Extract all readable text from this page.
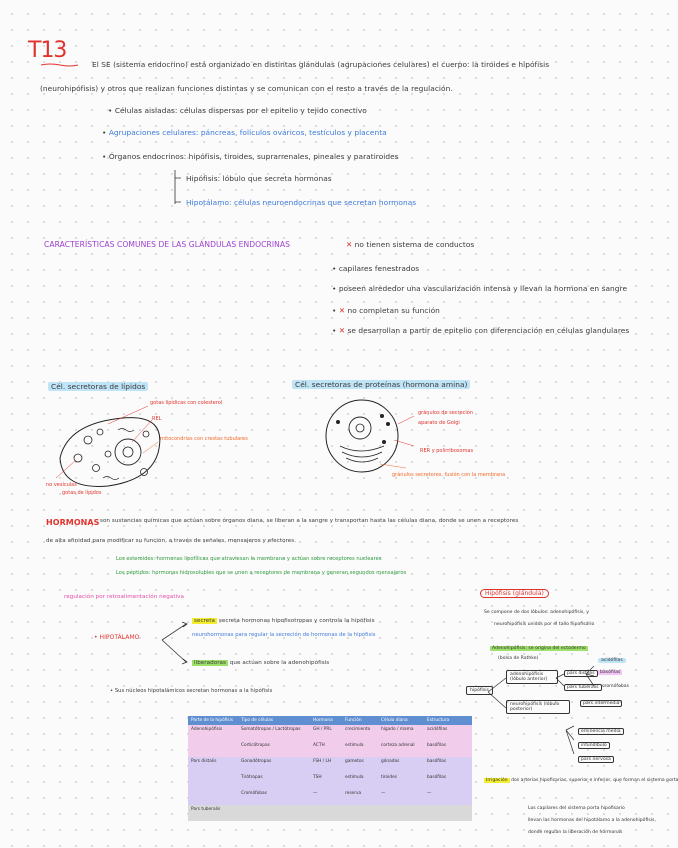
T13
El SE (sistema endocrino) está organizado en distintas glándulas (agrupaciones celulares) el cuerpo: la tiroides e hipófisis
(neurohipófisis) y otros que realizan funciones distintas y se comunican con el resto a través de la regulación.
• Células aisladas: células dispersas por el epitelio y tejido conectivo
• Agrupaciones celulares: páncreas, folículos ováricos, testículos y placenta
• Órganos endocrinos: hipófisis, tiroides, suprarrenales, pineales y paratiroides
Hipófisis: lóbulo que secreta hormonas
Hipotálamo: células neuroendocrinas que secretan hormonas
CARACTERÍSTICAS COMUNES DE LAS GLÁNDULAS ENDOCRINAS	✕ no tienen sistema de conductos
• capilares fenestrados
• poseen alrededor una vascularización intensa y llevan la hormona en sangre
• ✕ no completan su función
• ✕ se desarrollan a partir de epitelio con diferenciación en células glandulares
Cél. secretoras de lípidos
gotas lipídicas con colesterol
REL
mitocondrias con crestas tubulares
no vesículas
gotas de lípidos
Cél. secretoras de proteínas (hormona amina)
gránulos de secreción
aparato de Golgi
RER y polirribosomas
gránulos secretores, fusión con la membrana
HORMONAS son sustancias químicas que actúan sobre órganos diana, se liberan a la sangre y transportan hasta las células diana, donde se unen a receptores
de alta afinidad para modificar su función, a través de señales, mensajeros y efectores.
Los esteroides: hormonas lipofílicas que atraviesan la membrana y actúan sobre receptores nucleares
Los péptidos: hormonas hidrosolubles que se unen a receptores de membrana y generan segundos mensajeros
regulación por retroalimentación negativa
• HIPOTÁLAMO
secreta secreta hormonas hipofisotropas y controla la hipófisis
neurohormonas para regular la secreción de hormonas de la hipófisis
liberadoras que actúan sobre la adenohipófisis
• Sus núcleos hipotalámicos secretan hormonas a la hipófisis
Hipófisis (glándula)
Se compone de dos lóbulos: adenohipófisis, y
neurohipófisis unidos por el tallo hipofisario
Adenohipófisis: se origina del ectodermo
(bolsa de Rathke)
hipófisis
adenohipófisis (lóbulo anterior)
neurohipófisis (lóbulo posterior)
pars distalis
pars tuberalis
pars intermedia
acidófilas
basófilas
cromófobas
eminencia media
infundíbulo
pars nervosa
Irrigación dos arterias hipofisarias, superior e inferior, que forman el sistema porta
Los capilares del sistema porta hipofisario
llevan las hormonas del hipotálamo a la adenohipófisis,
donde regulan la liberación de hormonas
Parte de la hipófisis	Tipo de células	Hormona	Función	Célula diana	Estructura
Adenohipófisis	Somatótropas / Lactótropas	GH / PRL	crecimiento	hígado / mama	acidófilas
	Corticótropas	ACTH	estimula	corteza adrenal	basófilas
Pars distalis	Gonadótropas	FSH / LH	gametos	gónadas	basófilas
	Tirótropas	TSH	estimula	tiroides	basófilas
	Cromófobas	—	reserva	—	—
Pars tuberalis					
